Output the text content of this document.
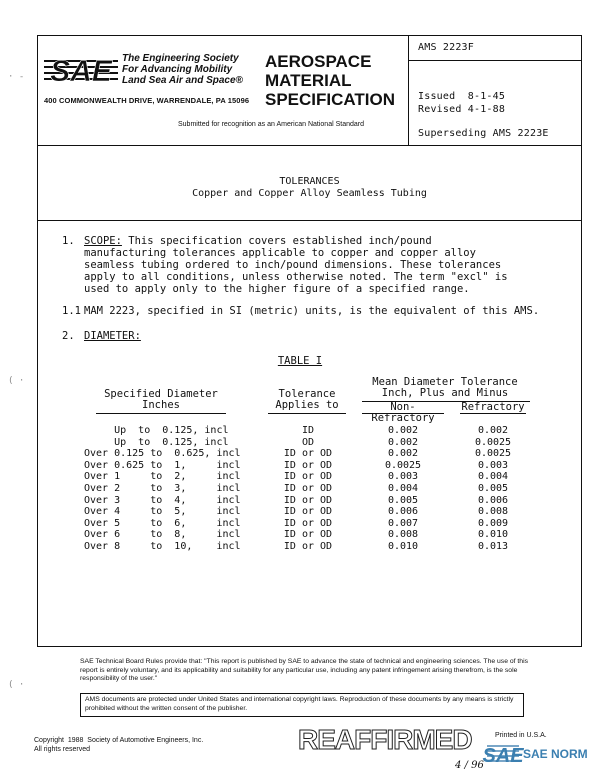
SAE The Engineering Society
For Advancing Mobility
Land Sea Air and Space®
400 COMMONWEALTH DRIVE, WARRENDALE, PA 15096
AEROSPACE
MATERIAL
SPECIFICATION
Submitted for recognition as an American National Standard
AMS 2223F
Issued  8-1-45
Revised 4-1-88
Superseding AMS 2223E
TOLERANCES
Copper and Copper Alloy Seamless Tubing
1. SCOPE: This specification covers established inch/pound manufacturing tolerances applicable to copper and copper alloy seamless tubing ordered to inch/pound dimensions. These tolerances apply to all conditions, unless otherwise noted. The term "excl" is used to apply only to the higher figure of a specified range.
1.1 MAM 2223, specified in SI (metric) units, is the equivalent of this AMS.
2. DIAMETER:
TABLE I
Specified Diameter
Inches
Tolerance
Applies to
Mean Diameter Tolerance
Inch, Plus and Minus
Non-Refractory
Refractory
Up  to  0.125, incl	ID	0.002	0.002
Up  to  0.125, incl	OD	0.002	0.0025
Over 0.125 to  0.625, incl	ID or OD	0.002	0.0025
Over 0.625 to  1,     incl	ID or OD	0.0025	0.003
Over 1     to  2,     incl	ID or OD	0.003	0.004
Over 2     to  3,     incl	ID or OD	0.004	0.005
Over 3     to  4,     incl	ID or OD	0.005	0.006
Over 4     to  5,     incl	ID or OD	0.006	0.008
Over 5     to  6,     incl	ID or OD	0.007	0.009
Over 6     to  8,     incl	ID or OD	0.008	0.010
Over 8     to  10,    incl	ID or OD	0.010	0.013
SAE Technical Board Rules provide that: "This report is published by SAE to advance the state of technical and engineering sciences. The use of this report is entirely voluntary, and its applicability and suitability for any particular use, including any patent infringement arising therefrom, is the sole responsibility of the user."
AMS documents are protected under United States and international copyright laws. Reproduction of these documents by any means is strictly prohibited without the written consent of the publisher.
Copyright  1988  Society of Automotive Engineers, Inc.
All rights reserved
Printed in U.S.A.
REAFFIRMED
SAE SAE NORM
4 / 96
· -
( ·
( ·
